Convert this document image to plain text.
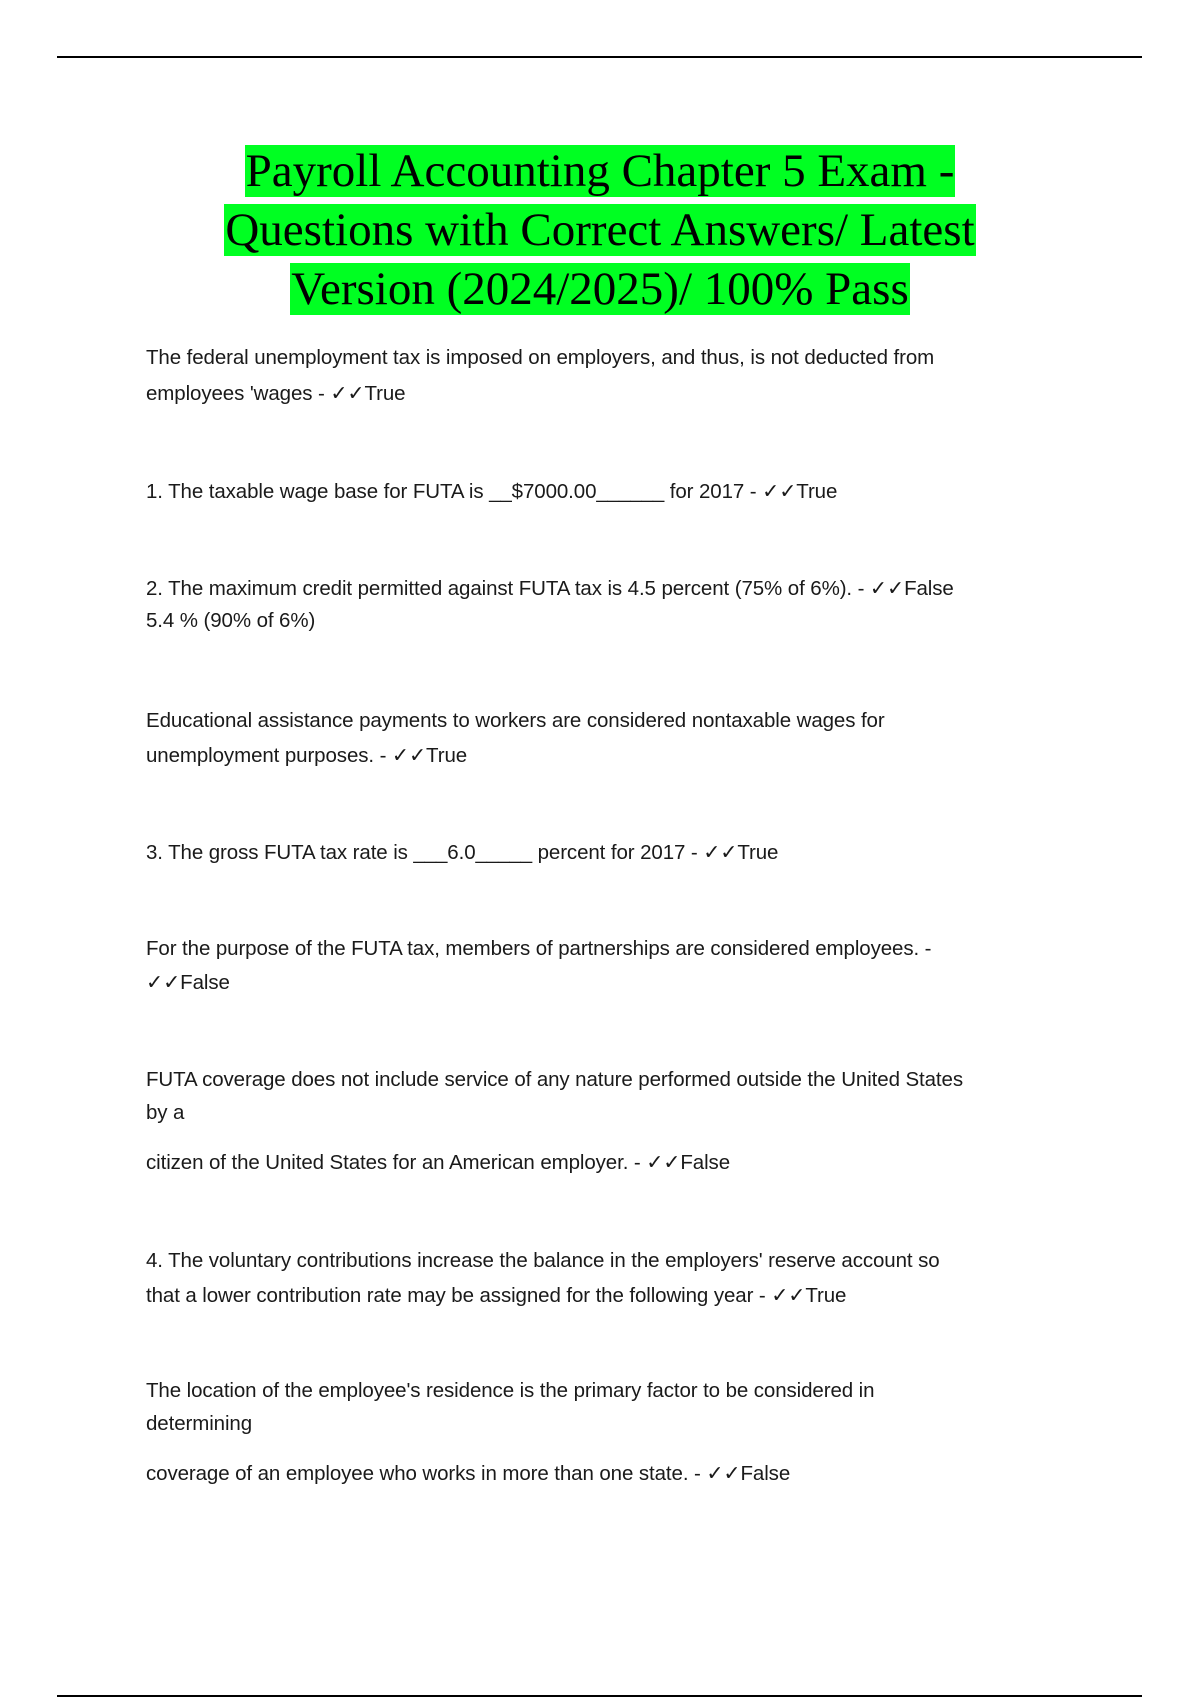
Payroll Accounting Chapter 5 Exam -
Questions with Correct Answers/ Latest
Version (2024/2025)/ 100% Pass
The federal unemployment tax is imposed on employers, and thus, is not deducted from
employees 'wages - ✓✓True
1. The taxable wage base for FUTA is __$7000.00______ for 2017 - ✓✓True
2. The maximum credit permitted against FUTA tax is 4.5 percent (75% of 6%). - ✓✓False
5.4 % (90% of 6%)
Educational assistance payments to workers are considered nontaxable wages for
unemployment purposes. - ✓✓True
3. The gross FUTA tax rate is ___6.0_____ percent for 2017 - ✓✓True
For the purpose of the FUTA tax, members of partnerships are considered employees. -
✓✓False
FUTA coverage does not include service of any nature performed outside the United States
by a
citizen of the United States for an American employer. - ✓✓False
4. The voluntary contributions increase the balance in the employers' reserve account so
that a lower contribution rate may be assigned for the following year - ✓✓True
The location of the employee's residence is the primary factor to be considered in
determining
coverage of an employee who works in more than one state. - ✓✓False
